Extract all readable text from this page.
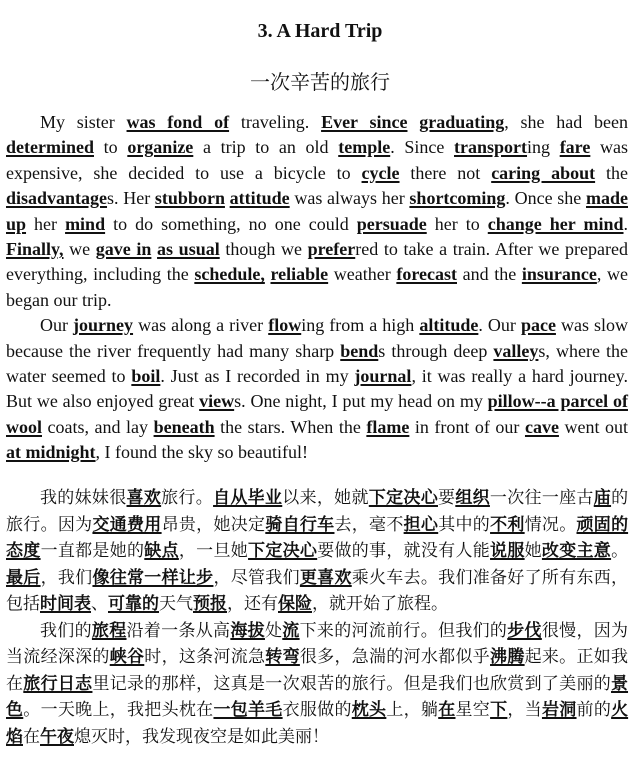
3. A Hard Trip
一次辛苦的旅行

My sister was fond of traveling. Ever since graduating, she had been determined to organize a trip to an old temple. Since transporting fare was expensive, she decided to use a bicycle to cycle there not caring about the disadvantages. Her stubborn attitude was always her shortcoming. Once she made up her mind to do something, no one could persuade her to change her mind. Finally, we gave in as usual though we preferred to take a train. After we prepared everything, including the schedule, reliable weather forecast and the insurance, we began our trip.

Our journey was along a river flowing from a high altitude. Our pace was slow because the river frequently had many sharp bends through deep valleys, where the water seemed to boil. Just as I recorded in my journal, it was really a hard journey. But we also enjoyed great views. One night, I put my head on my pillow--a parcel of wool coats, and lay beneath the stars. When the flame in front of our cave went out at midnight, I found the sky so beautiful!

我的妹妹很喜欢旅行。自从毕业以来，她就下定决心要组织一次往一座古庙的旅行。因为交通费用昂贵，她决定骑自行车去，毫不担心其中的不利情况。顽固的态度一直都是她的缺点，一旦她下定决心要做的事，就没有人能说服她改变主意。最后，我们像往常一样让步，尽管我们更喜欢乘火车去。我们准备好了所有东西，包括时间表、可靠的天气预报，还有保险，就开始了旅程。

我们的旅程沿着一条从高海拔处流下来的河流前行。但我们的步伐很慢，因为当流经深深的峡谷时，这条河流急转弯很多，急湍的河水都似乎沸腾起来。正如我在旅行日志里记录的那样，这真是一次艰苦的旅行。但是我们也欣赏到了美丽的景色。一天晚上，我把头枕在一包羊毛衣服做的枕头上，躺在星空下，当岩洞前的火焰在午夜熄灭时，我发现夜空是如此美丽！
